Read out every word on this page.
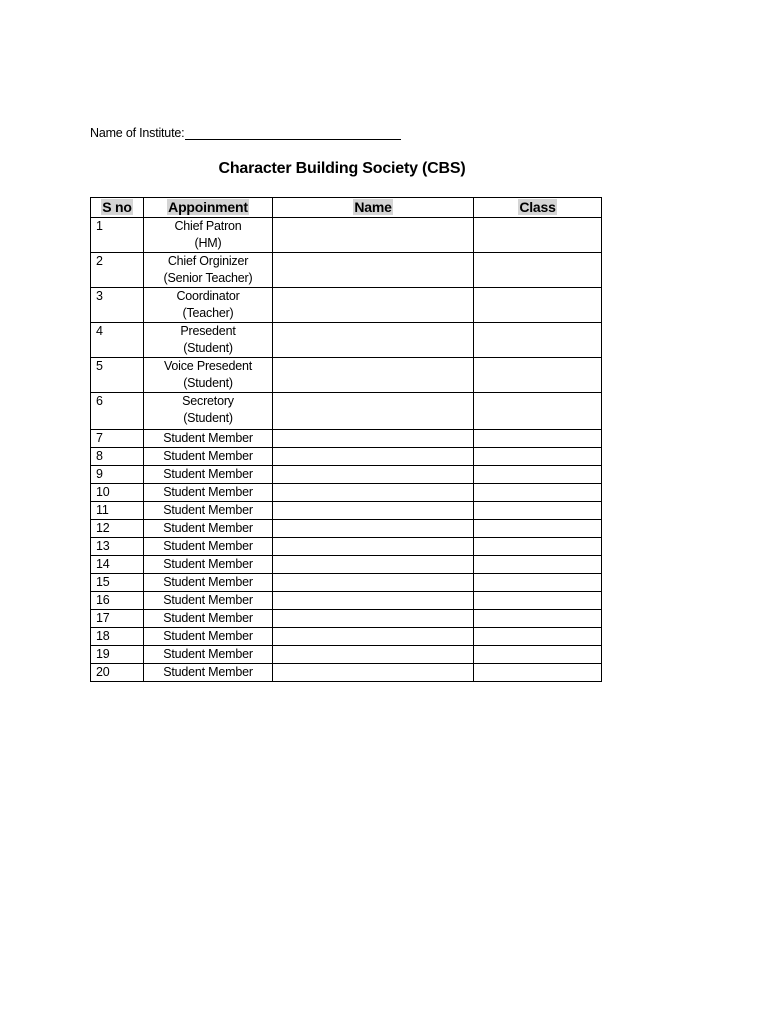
Name of Institute:
Character Building Society (CBS)
S no	Appoinment	Name	Class
1	Chief Patron
(HM)		

2	Chief Orginizer
(Senior Teacher)		

3	Coordinator
(Teacher)		

4	Presedent
(Student)		

5	Voice Presedent
(Student)		

6	Secretory
(Student)		

7	Student Member		

8	Student Member		

9	Student Member		

10	Student Member		

11	Student Member		

12	Student Member		

13	Student Member		

14	Student Member		

15	Student Member		

16	Student Member		

17	Student Member		

18	Student Member		

19	Student Member		

20	Student Member		
